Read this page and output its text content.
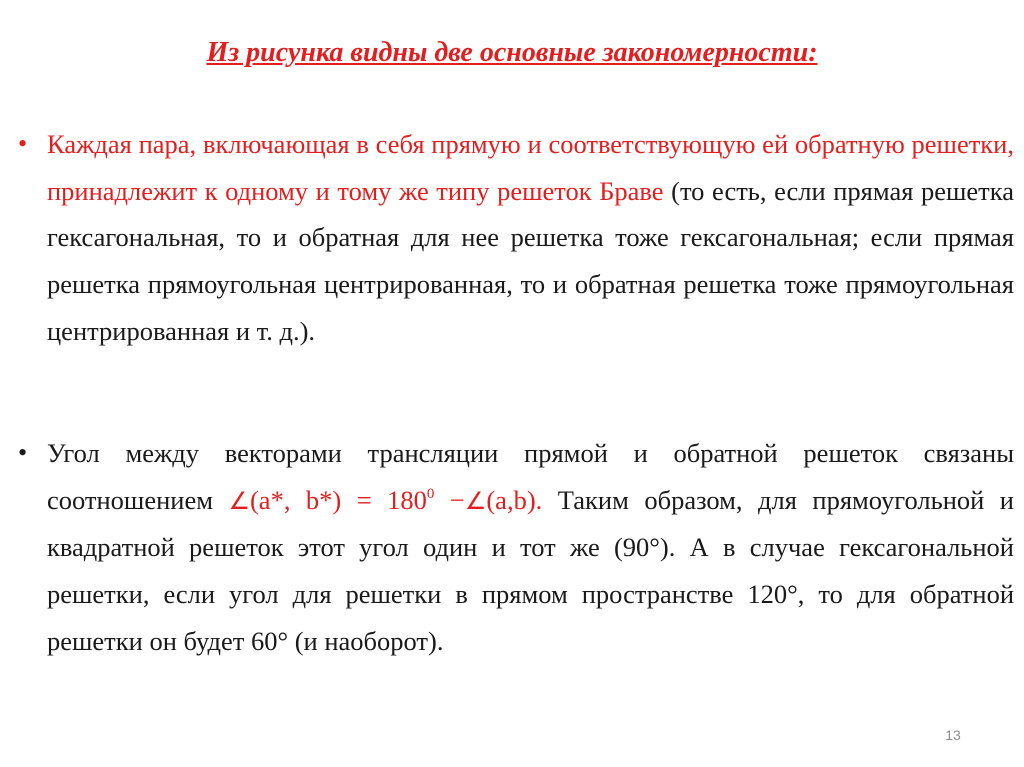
Из рисунка видны две основные закономерности:
• Каждая пара, включающая в себя прямую и соответствующую ей обратную решетки, принадлежит к одному и тому же типу решеток Браве (то есть, если прямая решетка гексагональная, то и обратная для нее решетка тоже гексагональная; если прямая решетка прямоугольная центрированная, то и обратная решетка тоже прямоугольная центрированная и т. д.).
• Угол между векторами трансляции прямой и обратной решеток связаны соотношением ∠(a*, $b*) = 180^0$ −∠(a,b). Таким образом, для прямоугольной и квадратной решеток этот угол один и тот же (90°). А в случае гексагональной решетки, если угол для решетки в прямом пространстве 120°, то для обратной решетки он будет 60° (и наоборот).
13
